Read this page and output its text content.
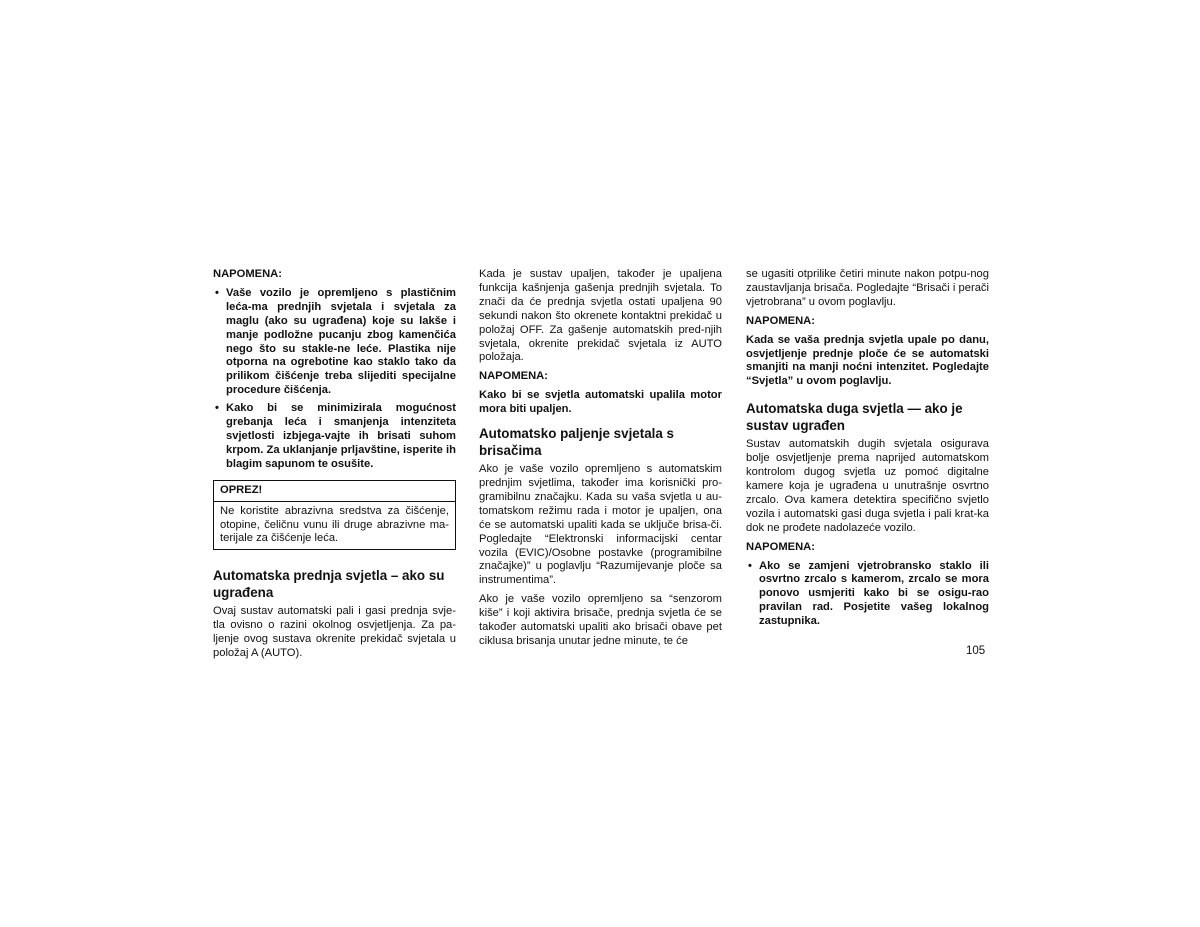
NAPOMENA:
• Vaše vozilo je opremljeno s plastičnim leća-ma prednjih svjetala i svjetala za maglu (ako su ugrađena) koje su lakše i manje podložne pucanju zbog kamenčića nego što su stakle-ne leće. Plastika nije otporna na ogrebotine kao staklo tako da prilikom čišćenje treba slijediti specijalne procedure čišćenja.
• Kako bi se minimizirala mogućnost grebanja leća i smanjenja intenziteta svjetlosti izbjega-vajte ih brisati suhom krpom. Za uklanjanje prljavštine, isperite ih blagim sapunom te osušite.
OPREZ!
Ne koristite abrazivna sredstva za čišćenje, otopine, čeličnu vunu ili druge abrazivne ma-terijale za čišćenje leća.
Automatska prednja svjetla – ako su ugrađena

Ovaj sustav automatski pali i gasi prednja svje-tla ovisno o razini okolnog osvjetljenja. Za pa-ljenje ovog sustava okrenite prekidač svjetala u položaj A (AUTO).

Kada je sustav upaljen, također je upaljena funkcija kašnjenja gašenja prednjih svjetala. To znači da će prednja svjetla ostati upaljena 90 sekundi nakon što okrenete kontaktni prekidač u položaj OFF. Za gašenje automatskih pred-njih svjetala, okrenite prekidač svjetala iz AUTO položaja.

NAPOMENA:

Kako bi se svjetla automatski upalila motor mora biti upaljen.

Automatsko paljenje svjetala s brisačima

Ako je vaše vozilo opremljeno s automatskim prednjim svjetlima, također ima korisnički pro-gramibilnu značajku. Kada su vaša svjetla u au-tomatskom režimu rada i motor je upaljen, ona će se automatski upaliti kada se uključe brisa-či. Pogledajte “Elektronski informacijski centar vozila (EVIC)/Osobne postavke (programibilne značajke)” u poglavlju “Razumijevanje ploče sa instrumentima”.

Ako je vaše vozilo opremljeno sa “senzorom kiše” i koji aktivira brisače, prednja svjetla će se također automatski upaliti ako brisači obave pet ciklusa brisanja unutar jedne minute, te će

se ugasiti otprilike četiri minute nakon potpu-nog zaustavljanja brisača. Pogledajte “Brisači i perači vjetrobrana” u ovom poglavlju.

NAPOMENA:

Kada se vaša prednja svjetla upale po danu, osvjetljenje prednje ploče će se automatski smanjiti na manji noćni intenzitet. Pogledajte “Svjetla” u ovom poglavlju.

Automatska duga svjetla — ako je sustav ugrađen

Sustav automatskih dugih svjetala osigurava bolje osvjetljenje prema naprijed automatskom kontrolom dugog svjetla uz pomoć digitalne kamere koja je ugrađena u unutrašnje osvrtno zrcalo. Ova kamera detektira specifično svjetlo vozila i automatski gasi duga svjetla i pali krat-ka dok ne prođete nadolazeće vozilo.

NAPOMENA:
• Ako se zamjeni vjetrobransko staklo ili osvrtno zrcalo s kamerom, zrcalo se mora ponovo usmjeriti kako bi se osigu-rao pravilan rad. Posjetite vašeg lokalnog zastupnika.
105
